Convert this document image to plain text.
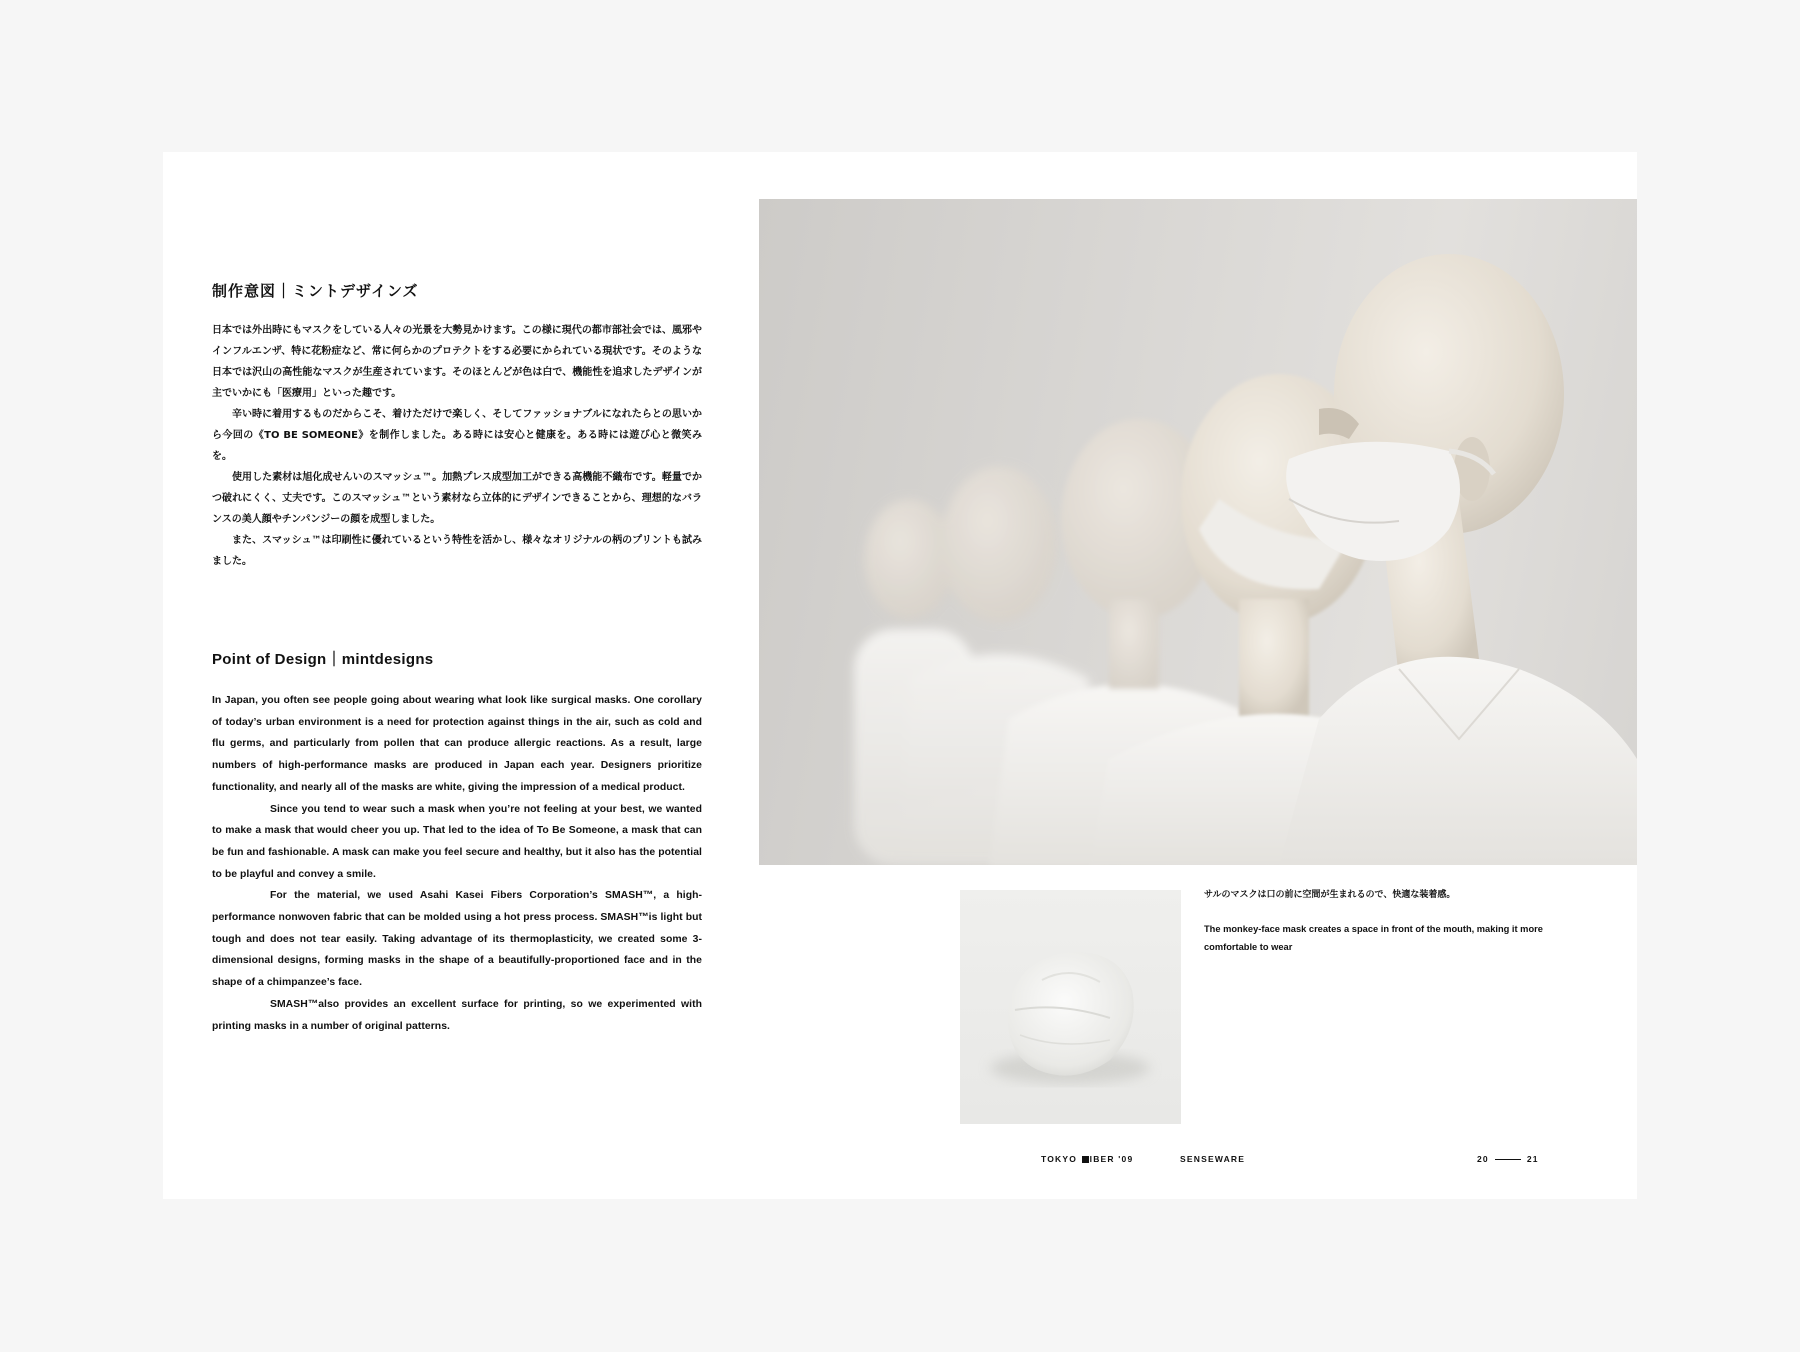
制作意図｜ミントデザインズ

日本では外出時にもマスクをしている人々の光景を大勢見かけます。この様に現代の都市部社会では、風邪やインフルエンザ、特に花粉症など、常に何らかのプロテクトをする必要にかられている現状です。そのような日本では沢山の高性能なマスクが生産されています。そのほとんどが色は白で、機能性を追求したデザインが主でいかにも「医療用」といった趣です。

辛い時に着用するものだからこそ、着けただけで楽しく、そしてファッショナブルになれたらとの思いから今回の《TO BE SOMEONE》を制作しました。ある時には安心と健康を。ある時には遊び心と微笑みを。

使用した素材は旭化成せんいのスマッシュ™。加熱プレス成型加工ができる高機能不織布です。軽量でかつ破れにくく、丈夫です。このスマッシュ™という素材なら立体的にデザインできることから、理想的なバランスの美人顔やチンパンジーの顔を成型しました。

また、スマッシュ™は印刷性に優れているという特性を活かし、様々なオリジナルの柄のプリントも試みました。

Point of Design｜mintdesigns

In Japan, you often see people going about wearing what look like surgical masks. One corollary of today’s urban environment is a need for protection against things in the air, such as cold and flu germs, and particularly from pollen that can produce allergic reactions. As a result, large numbers of high-performance masks are produced in Japan each year. Designers prioritize functionality, and nearly all of the masks are white, giving the impression of a medical product.

Since you tend to wear such a mask when you’re not feeling at your best, we wanted to make a mask that would cheer you up. That led to the idea of To Be Someone, a mask that can be fun and fashionable. A mask can make you feel secure and healthy, but it also has the potential to be playful and convey a smile.

For the material, we used Asahi Kasei Fibers Corporation’s SMASH™, a high-performance nonwoven fabric that can be molded using a hot press process. SMASH™is light but tough and does not tear easily. Taking advantage of its thermoplasticity, we created some 3-dimensional designs, forming masks in the shape of a beautifully-proportioned face and in the shape of a chimpanzee’s face.

SMASH™also provides an excellent surface for printing, so we experimented with printing masks in a number of original patterns.

サルのマスクは口の前に空間が生まれるので、快適な装着感。
The monkey-face mask creates a space in front of the mouth, making it more comfortable to wear
TOKYO IBER '09	SENSEWARE	20	21
